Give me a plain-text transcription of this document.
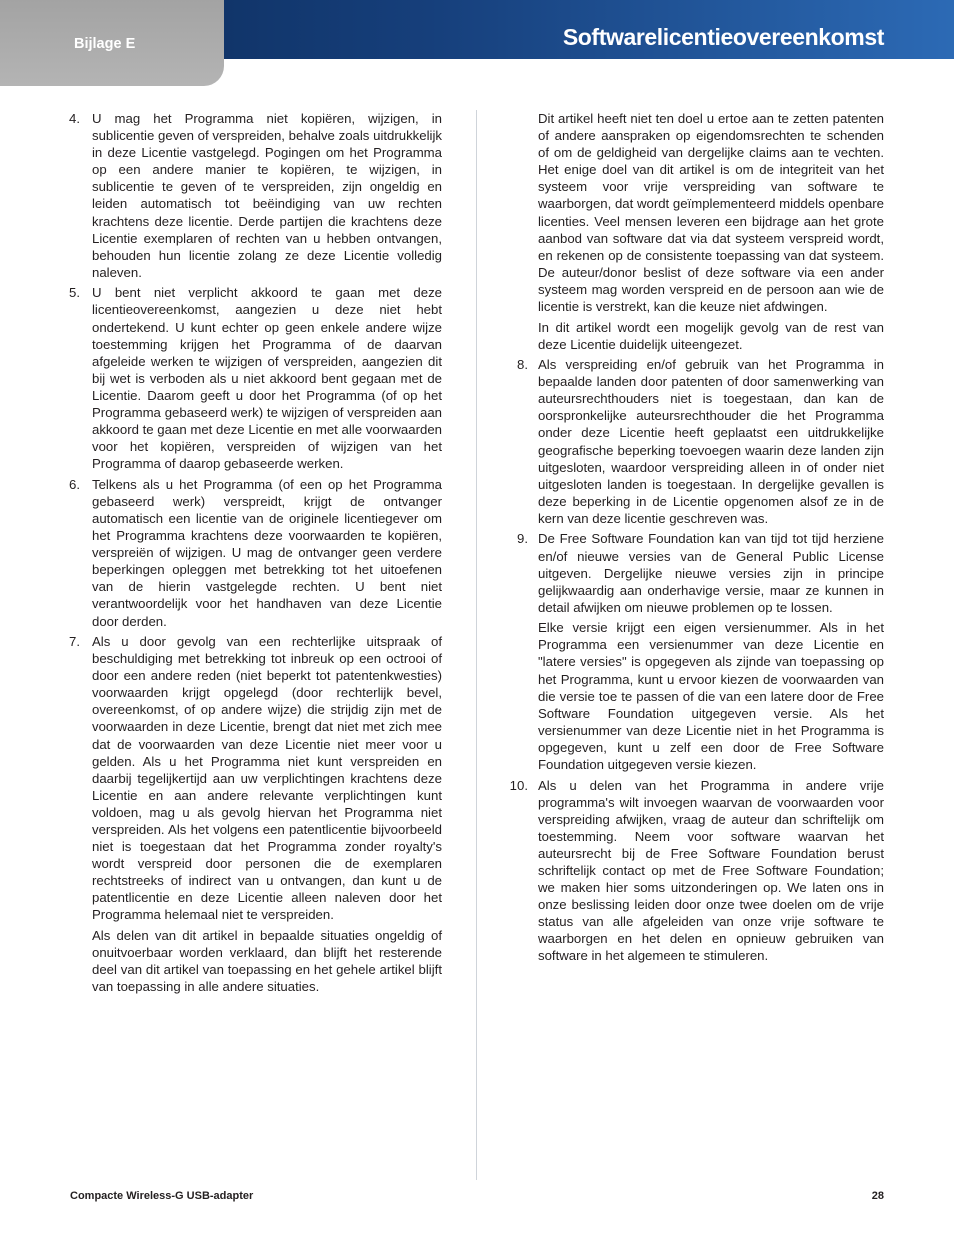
Bijlage E	Softwarelicentieovereenkomst
4. U mag het Programma niet kopiëren, wijzigen, in sublicentie geven of verspreiden, behalve zoals uitdrukkelijk in deze Licentie vastgelegd. Pogingen om het Programma op een andere manier te kopiëren, te wijzigen, in sublicentie te geven of te verspreiden, zijn ongeldig en leiden automatisch tot beëindiging van uw rechten krachtens deze licentie. Derde partijen die krachtens deze Licentie exemplaren of rechten van u hebben ontvangen, behouden hun licentie zolang ze deze Licentie volledig naleven.

5. U bent niet verplicht akkoord te gaan met deze licentieovereenkomst, aangezien u deze niet hebt ondertekend. U kunt echter op geen enkele andere wijze toestemming krijgen het Programma of de daarvan afgeleide werken te wijzigen of verspreiden, aangezien dit bij wet is verboden als u niet akkoord bent gegaan met de Licentie. Daarom geeft u door het Programma (of op het Programma gebaseerd werk) te wijzigen of verspreiden aan akkoord te gaan met deze Licentie en met alle voorwaarden voor het kopiëren, verspreiden of wijzigen van het Programma of daarop gebaseerde werken.

6. Telkens als u het Programma (of een op het Programma gebaseerd werk) verspreidt, krijgt de ontvanger automatisch een licentie van de originele licentiegever om het Programma krachtens deze voorwaarden te kopiëren, verspreiën of wijzigen. U mag de ontvanger geen verdere beperkingen opleggen met betrekking tot het uitoefenen van de hierin vastgelegde rechten. U bent niet verantwoordelijk voor het handhaven van deze Licentie door derden.

7. Als u door gevolg van een rechterlijke uitspraak of beschuldiging met betrekking tot inbreuk op een octrooi of door een andere reden (niet beperkt tot patentenkwesties) voorwaarden krijgt opgelegd (door rechterlijk bevel, overeenkomst, of op andere wijze) die strijdig zijn met de voorwaarden in deze Licentie, brengt dat niet met zich mee dat de voorwaarden van deze Licentie niet meer voor u gelden. Als u het Programma niet kunt verspreiden en daarbij tegelijkertijd aan uw verplichtingen krachtens deze Licentie en aan andere relevante verplichtingen kunt voldoen, mag u als gevolg hiervan het Programma niet verspreiden. Als het volgens een patentlicentie bijvoorbeeld niet is toegestaan dat het Programma zonder royalty's wordt verspreid door personen die de exemplaren rechtstreeks of indirect van u ontvangen, dan kunt u de patentlicentie en deze Licentie alleen naleven door het Programma helemaal niet te verspreiden.

Als delen van dit artikel in bepaalde situaties ongeldig of onuitvoerbaar worden verklaard, dan blijft het resterende deel van dit artikel van toepassing en het gehele artikel blijft van toepassing in alle andere situaties.

Dit artikel heeft niet ten doel u ertoe aan te zetten patenten of andere aanspraken op eigendomsrechten te schenden of om de geldigheid van dergelijke claims aan te vechten. Het enige doel van dit artikel is om de integriteit van het systeem voor vrije verspreiding van software te waarborgen, dat wordt geïmplementeerd middels openbare licenties. Veel mensen leveren een bijdrage aan het grote aanbod van software dat via dat systeem verspreid wordt, en rekenen op de consistente toepassing van dat systeem. De auteur/donor beslist of deze software via een ander systeem mag worden verspreid en de persoon aan wie de licentie is verstrekt, kan die keuze niet afdwingen.

In dit artikel wordt een mogelijk gevolg van de rest van deze Licentie duidelijk uiteengezet.

8. Als verspreiding en/of gebruik van het Programma in bepaalde landen door patenten of door samenwerking van auteursrechthouders niet is toegestaan, dan kan de oorspronkelijke auteursrechthouder die het Programma onder deze Licentie heeft geplaatst een uitdrukkelijke geografische beperking toevoegen waarin deze landen zijn uitgesloten, waardoor verspreiding alleen in of onder niet uitgesloten landen is toegestaan. In dergelijke gevallen is deze beperking in de Licentie opgenomen alsof ze in de kern van deze licentie geschreven was.

9. De Free Software Foundation kan van tijd tot tijd herziene en/of nieuwe versies van de General Public License uitgeven. Dergelijke nieuwe versies zijn in principe gelijkwaardig aan onderhavige versie, maar ze kunnen in detail afwijken om nieuwe problemen op te lossen.

Elke versie krijgt een eigen versienummer. Als in het Programma een versienummer van deze Licentie en "latere versies" is opgegeven als zijnde van toepassing op het Programma, kunt u ervoor kiezen de voorwaarden van die versie toe te passen of die van een latere door de Free Software Foundation uitgegeven versie. Als het versienummer van deze Licentie niet in het Programma is opgegeven, kunt u zelf een door de Free Software Foundation uitgegeven versie kiezen.

10. Als u delen van het Programma in andere vrije programma's wilt invoegen waarvan de voorwaarden voor verspreiding afwijken, vraag de auteur dan schriftelijk om toestemming. Neem voor software waarvan het auteursrecht bij de Free Software Foundation berust schriftelijk contact op met de Free Software Foundation; we maken hier soms uitzonderingen op. We laten ons in onze beslissing leiden door onze twee doelen om de vrije status van alle afgeleiden van onze vrije software te waarborgen en het delen en opnieuw gebruiken van software in het algemeen te stimuleren.

Compacte Wireless-G USB-adapter	28
